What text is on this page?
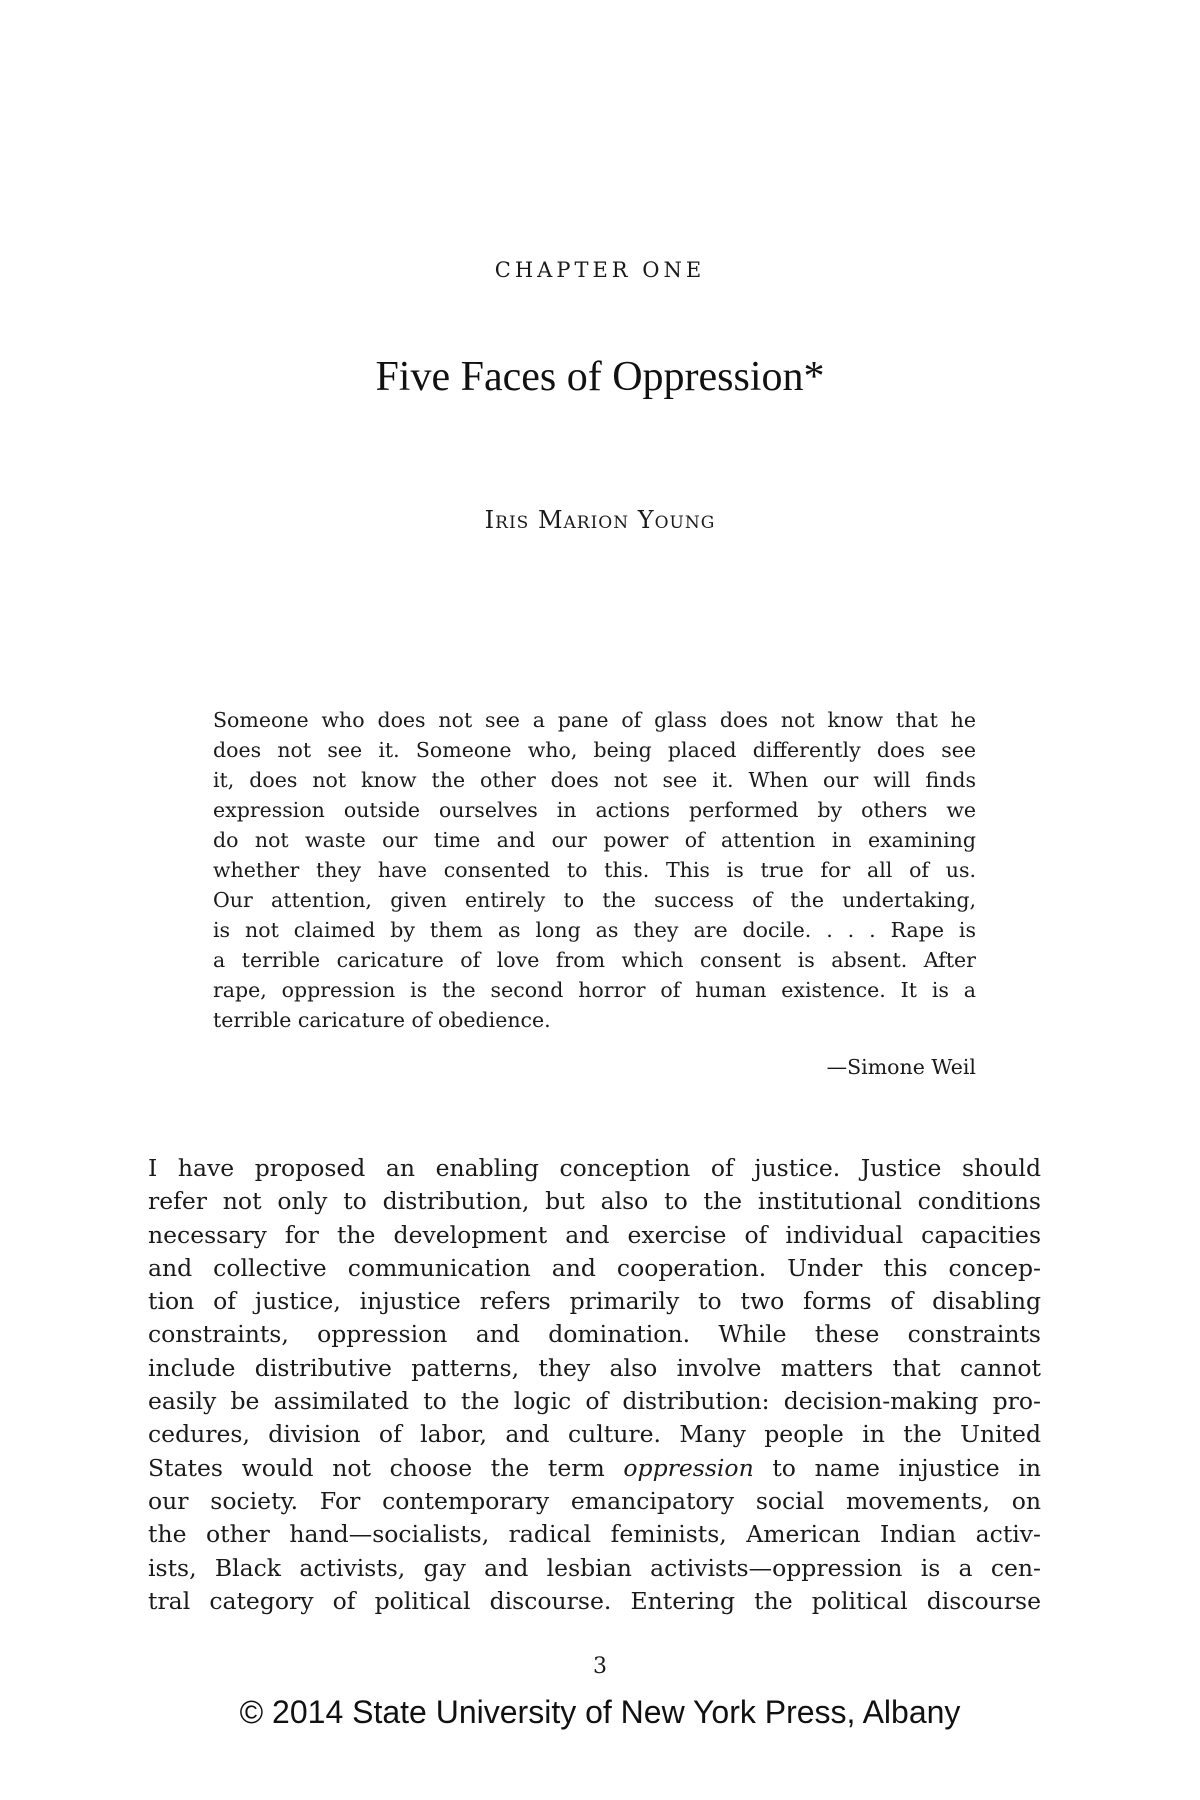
CHAPTER ONE
Five Faces of Oppression*
Iris Marion Young

Someone who does not see a pane of glass does not know that he
does not see it. Someone who, being placed differently does see
it, does not know the other does not see it. When our will finds
expression outside ourselves in actions performed by others we
do not waste our time and our power of attention in examining
whether they have consented to this. This is true for all of us.
Our attention, given entirely to the success of the undertaking,
is not claimed by them as long as they are docile. . . . Rape is
a terrible caricature of love from which consent is absent. After
rape, oppression is the second horror of human existence. It is a
terrible caricature of obedience.

—Simone Weil

I have proposed an enabling conception of justice. Justice should
refer not only to distribution, but also to the institutional conditions
necessary for the development and exercise of individual capacities
and collective communication and cooperation. Under this concep-
tion of justice, injustice refers primarily to two forms of disabling
constraints, oppression and domination. While these constraints
include distributive patterns, they also involve matters that cannot
easily be assimilated to the logic of distribution: decision-making pro-
cedures, division of labor, and culture. Many people in the United
States would not choose the term oppression to name injustice in
our society. For contemporary emancipatory social movements, on
the other hand—socialists, radical feminists, American Indian activ-
ists, Black activists, gay and lesbian activists—oppression is a cen-
tral category of political discourse. Entering the political discourse

3
© 2014 State University of New York Press, Albany
